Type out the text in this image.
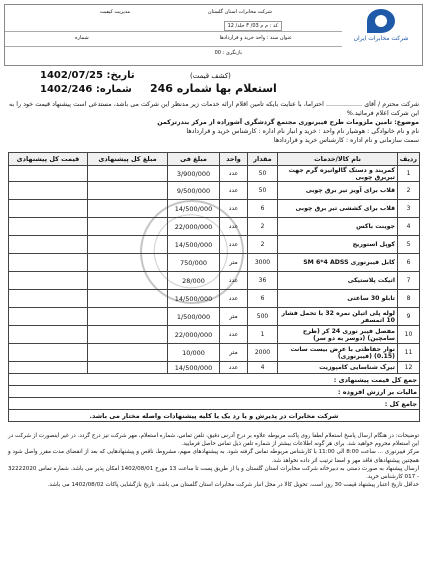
شرکت مخابرات ایران
شرکت مخابرات استان گلستان
مدیریت کیفیت
کد : م م 03/ F جلد/ 12
عنوان سند : واحد خرید و قراردادها
شماره
بازنگری : 00
تاریخ: 1402/07/25
شماره: 1402/246
(کشف قیمت)
استعلام بها شماره 246

شرکت محترم / آقای .................. احتراما، با عنایت بایکه تامین اقلام ارائه خدمات زیر مدنظر این شرکت می باشد، مستدعی است پیشنهاد قیمت خود را به این شرکت اعلام فرمائید.%

موضوع: تامین ملزومات طرح فیبرنوری مجتمع گردشگری آشوراده از مرکز بندرترکمن

نام و نام خانوادگی : هوشیار نام واحد : خرید و انبار نام اداره : کارشناس خرید و قراردادها

سمت سازمانی و نام اداره : کارشناس خرید و قراردادها

ردیف	نام کالا/خدمات	مقدار	واحد	مبلغ فی	مبلغ کل پیشنهادی	قیمت کل پیشنهادی
1	کمربند و دستک گالوانیزه گرم جهت تیربرق چوبی	50	عدد	3/900/000		
2	قلاب برای آویز تیر برق چوبی	50	عدد	9/500/000		
3	قلاب برای کششی تیر برق چوبی	6	عدد	14/500/000		
4	جوینت باکس	2	عدد	22/000/000		
5	کوپل استوریج	2	عدد	14/500/000		
6	کابل فیبرنوری SM 6*4 ADSS	3000	متر	750/000		
7	اتیکت پلاستیکی	36	عدد	28/000		
8	تابلو 30 ساعتی	6	عدد	14/500/000		
9	لوله پلی اتیلن نمره 32 با تحمل فشار 10 اتمسفر	500	متر	1/500/000		
10	مفصل فیبر نوری 24 کر (طرح سامچین) (دوسر به دو سر)	1	عدد	22/000/000		
11	نوار حفاظتی با عرض بیست سانت (0.15) (فیبرنوری)	2000	متر	10/000		
12	تیرک شناسایی کامپوزیت	4	عدد	14/500/000		
جمع کل قیمت پیشنهادی :						
مالیات بر ارزش افزوده :						
جامع کل :						
شرکت مخابرات در پذیرش و یا رد یک یا کلیه پیشنهادات واصله مختار می باشد.						

توضیحات: در هنگام ارسال پاسخ استعلام لطفا روی پاکت مربوطه علاوه بر درج آدرس دقیق، تلفن تماس، شماره استعلام، مهر شرکت نیز درج گردد. در غیر اینصورت از شرکت در این استعلام محروم خواهید شد. برای هر گونه اطلاعات بیشتر از شماره تلفن ذیل تماس حاصل فرمایید.

مرکز فیبرنوری ... ساعت 8:00 الی 11:00 با کارشناس مربوطه تماس گرفته شود. به پیشنهادهای مبهم، مشروط، ناقص و پیشنهادهایی که بعد از انقضای مدت مقرر واصل شود و همچنین پیشنهادهای فاقد مهر و امضا ترتیب اثر داده نخواهد شد.

ارسال پیشنهاد به صورت دستی به دبیرخانه شرکت مخابرات استان گلستان و یا از طریق پست تا ساعت 13 مورخ 1402/08/01 امکان پذیر می باشد. شماره تماس 32222020 - 017 کارشناس خرید.

حداقل تاریخ اعتبار پیشنهاد قیمت 30 روز است. تحویل کالا در محل انبار شرکت مخابرات استان گلستان می باشد. تاریخ بازگشایی پاکات 1402/08/02 می باشد.
